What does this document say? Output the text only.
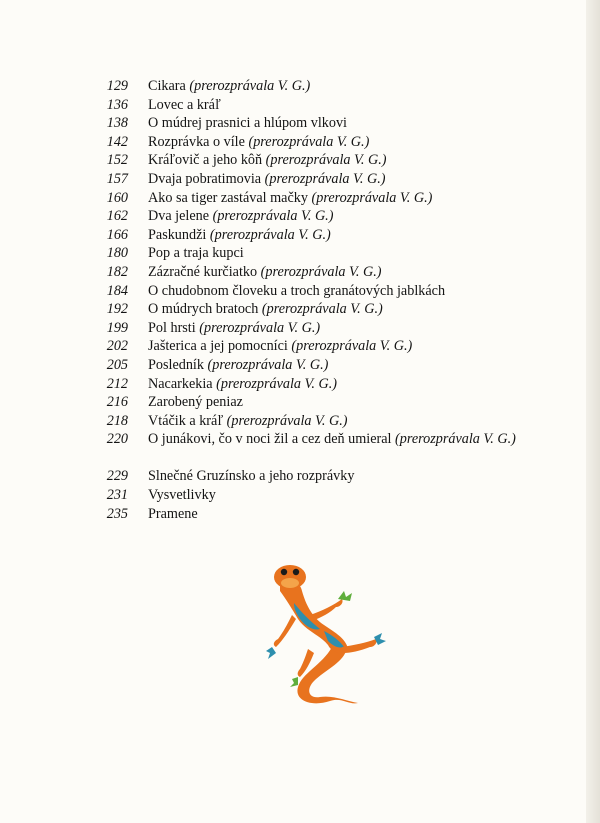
129 Cikara (prerozprávala V. G.)
136 Lovec a kráľ
138 O múdrej prasnici a hlúpom vlkovi
142 Rozprávka o víle (prerozprávala V. G.)
152 Kráľovič a jeho kôň (prerozprávala V. G.)
157 Dvaja pobratimovia (prerozprávala V. G.)
160 Ako sa tiger zastával mačky (prerozprávala V. G.)
162 Dva jelene (prerozprávala V. G.)
166 Paskundži (prerozprávala V. G.)
180 Pop a traja kupci
182 Zázračné kurčiatko (prerozprávala V. G.)
184 O chudobnom človeku a troch granátových jablkách
192 O múdrych bratoch (prerozprávala V. G.)
199 Pol hrsti (prerozprávala V. G.)
202 Jašterica a jej pomocníci (prerozprávala V. G.)
205 Posledník (prerozprávala V. G.)
212 Nacarkekia (prerozprávala V. G.)
216 Zarobený peniaz
218 Vtáčik a kráľ (prerozprávala V. G.)
220 O junákovi, čo v noci žil a cez deň umieral (prerozprávala V. G.)
229 Slnečné Gruzínsko a jeho rozprávky
231 Vysvetlivky
235 Pramene
